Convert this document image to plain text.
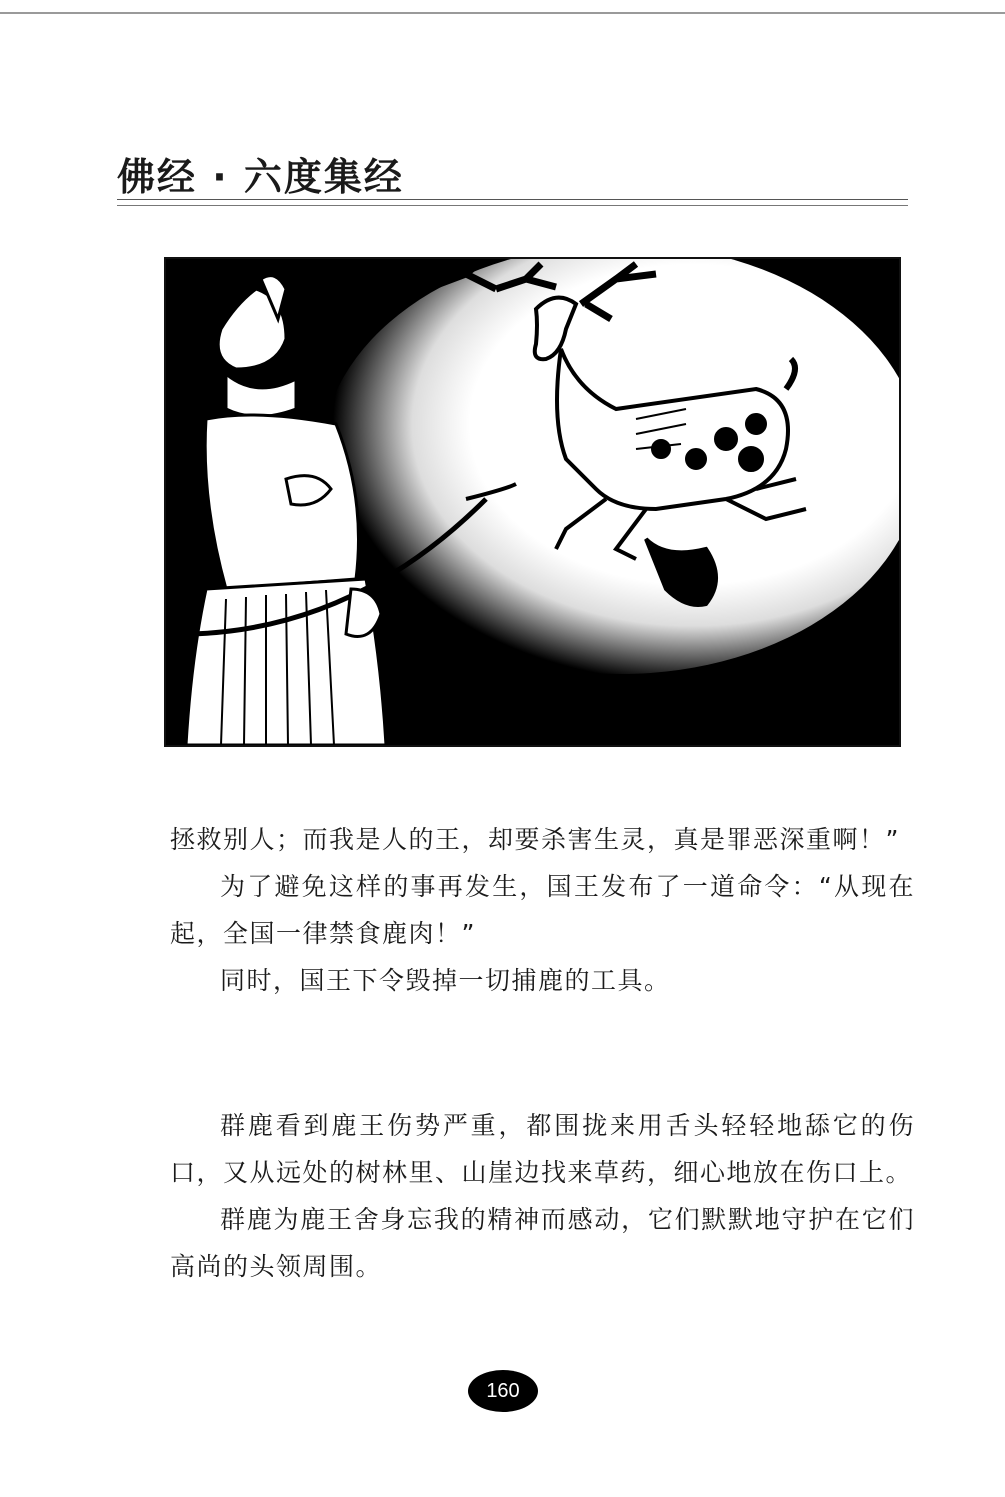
佛经 · 六度集经

拯救别人；而我是人的王，却要杀害生灵，真是罪恶深重啊！”

为了避免这样的事再发生，国王发布了一道命令：“从现在起，全国一律禁食鹿肉！”

同时，国王下令毁掉一切捕鹿的工具。

群鹿看到鹿王伤势严重，都围拢来用舌头轻轻地舔它的伤口，又从远处的树林里、山崖边找来草药，细心地放在伤口上。

群鹿为鹿王舍身忘我的精神而感动，它们默默地守护在它们高尚的头领周围。

160
